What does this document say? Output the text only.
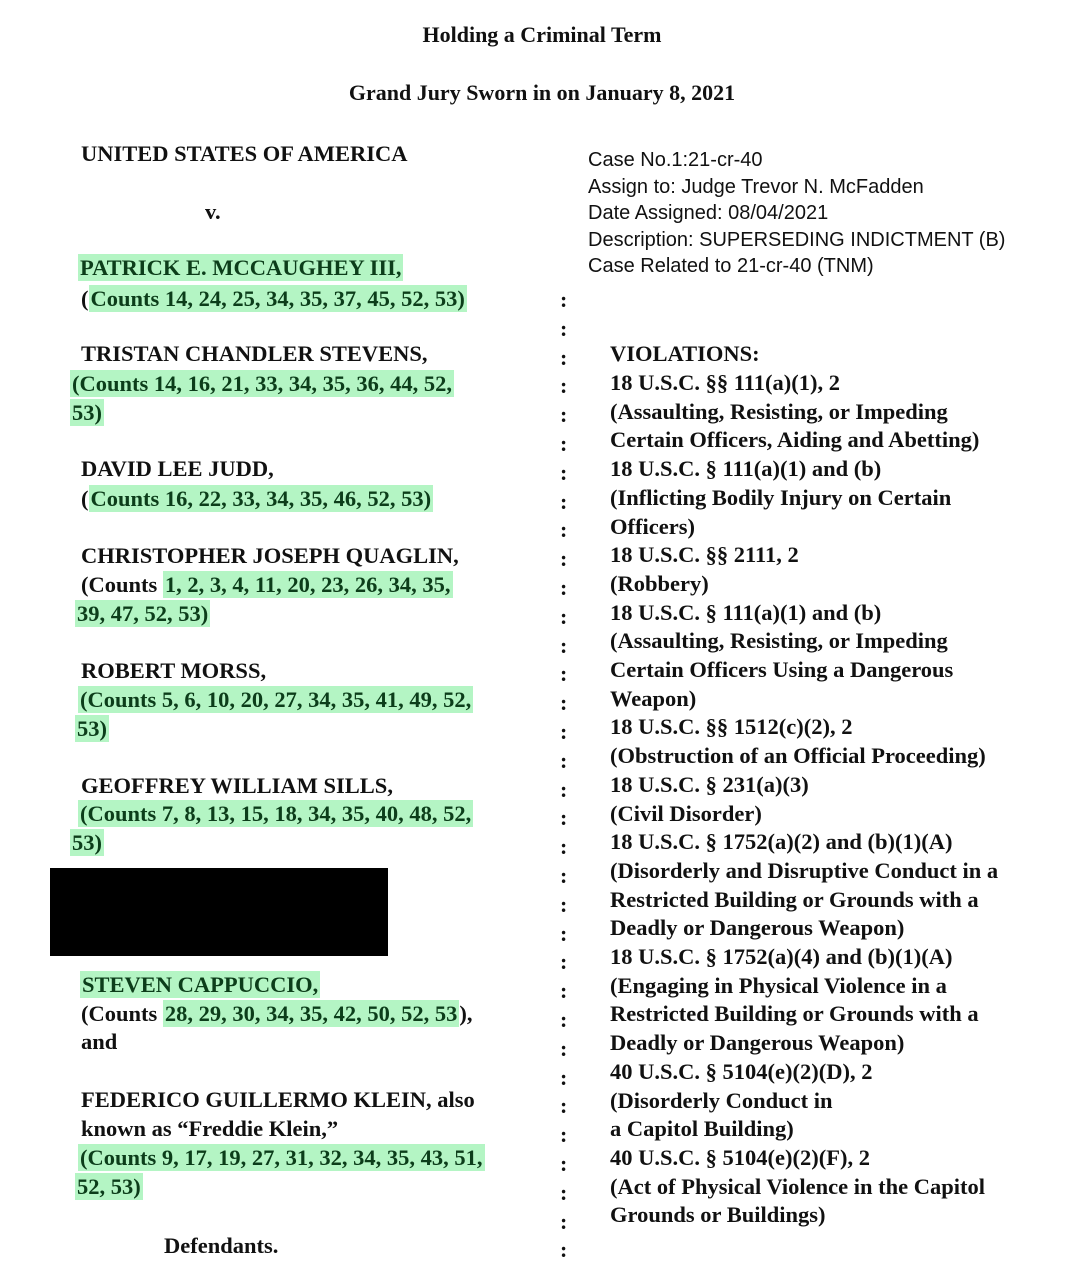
Holding a Criminal Term
Grand Jury Sworn in on January 8, 2021
Case No.1:21-cr-40
Assign to: Judge Trevor N. McFadden
Date Assigned: 08/04/2021
Description: SUPERSEDING INDICTMENT (B)
Case Related to 21-cr-40 (TNM)
UNITED STATES OF AMERICA
v.
PATRICK E. MCCAUGHEY III,
(Counts 14, 24, 25, 34, 35, 37, 45, 52, 53)
TRISTAN CHANDLER STEVENS,
(Counts 14, 16, 21, 33, 34, 35, 36, 44, 52,
53)
DAVID LEE JUDD,
(Counts 16, 22, 33, 34, 35, 46, 52, 53)
CHRISTOPHER JOSEPH QUAGLIN,
(Counts 1, 2, 3, 4, 11, 20, 23, 26, 34, 35,
39, 47, 52, 53)
ROBERT MORSS,
(Counts 5, 6, 10, 20, 27, 34, 35, 41, 49, 52,
53)
GEOFFREY WILLIAM SILLS,
(Counts 7, 8, 13, 15, 18, 34, 35, 40, 48, 52,
53)
STEVEN CAPPUCCIO,
(Counts 28, 29, 30, 34, 35, 42, 50, 52, 53),
and
FEDERICO GUILLERMO KLEIN, also
known as “Freddie Klein,”
(Counts 9, 17, 19, 27, 31, 32, 34, 35, 43, 51,
52, 53)
Defendants.
:
:
:
:
:
:
:
:
:
:
:
:
:
:
:
:
:
:
:
:
:
:
:
:
:
:
:
:
:
:
:
:
:
:
VIOLATIONS:
18 U.S.C. §§ 111(a)(1), 2
(Assaulting, Resisting, or Impeding
Certain Officers, Aiding and Abetting)
18 U.S.C. § 111(a)(1) and (b)
(Inflicting Bodily Injury on Certain
Officers)
18 U.S.C. §§ 2111, 2
(Robbery)
18 U.S.C. § 111(a)(1) and (b)
(Assaulting, Resisting, or Impeding
Certain Officers Using a Dangerous
Weapon)
18 U.S.C. §§ 1512(c)(2), 2
(Obstruction of an Official Proceeding)
18 U.S.C. § 231(a)(3)
(Civil Disorder)
18 U.S.C. § 1752(a)(2) and (b)(1)(A)
(Disorderly and Disruptive Conduct in a
Restricted Building or Grounds with a
Deadly or Dangerous Weapon)
18 U.S.C. § 1752(a)(4) and (b)(1)(A)
(Engaging in Physical Violence in a
Restricted Building or Grounds with a
Deadly or Dangerous Weapon)
40 U.S.C. § 5104(e)(2)(D), 2
(Disorderly Conduct in
a Capitol Building)
40 U.S.C. § 5104(e)(2)(F), 2
(Act of Physical Violence in the Capitol
Grounds or Buildings)
